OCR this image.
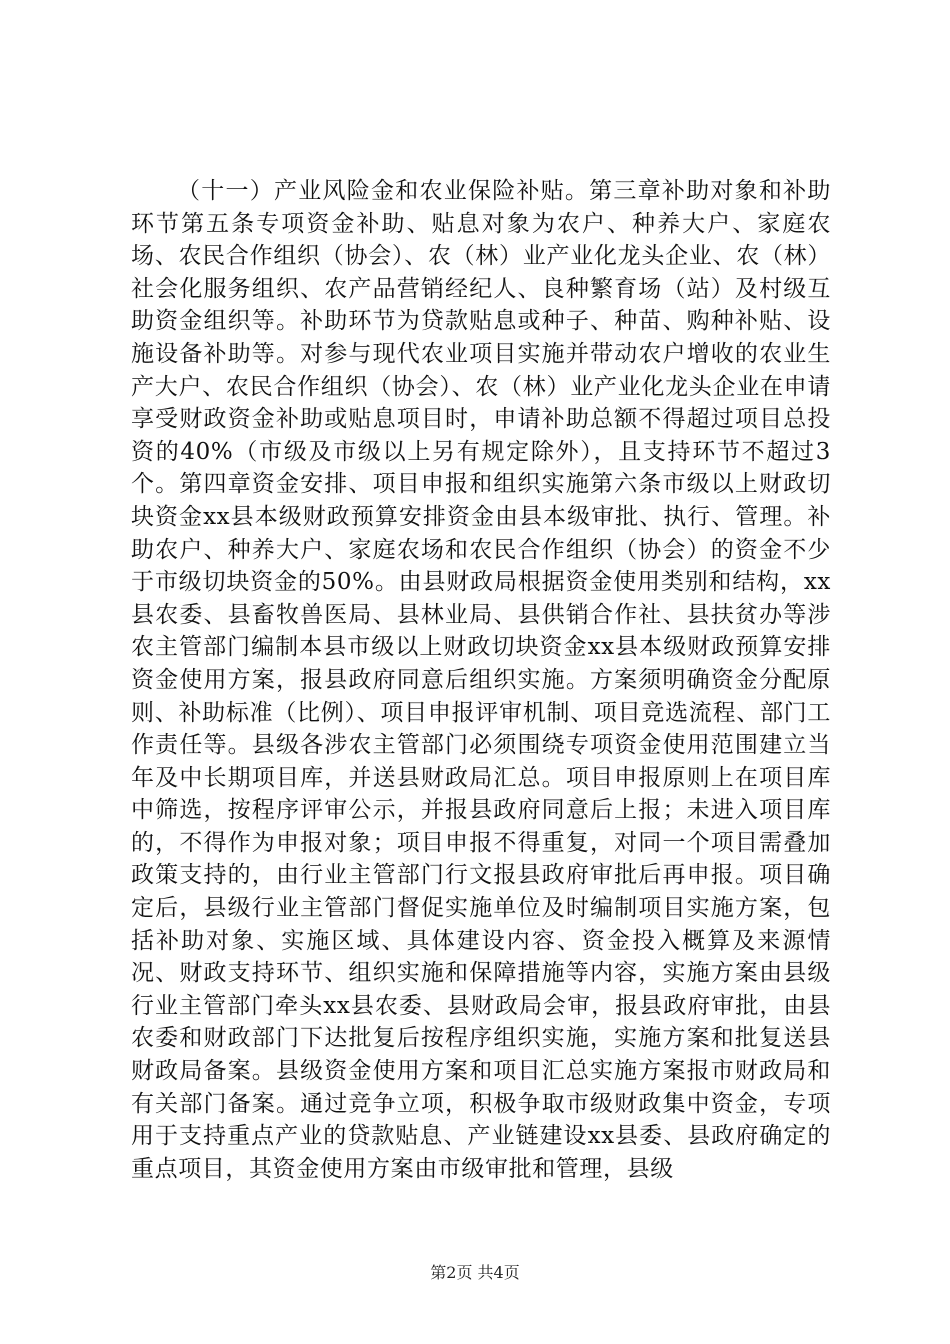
（十一）产业风险金和农业保险补贴。第三章补助对象和补助环节第五条专项资金补助、贴息对象为农户、种养大户、家庭农场、农民合作组织（协会）、农（林）业产业化龙头企业、农（林）社会化服务组织、农产品营销经纪人、良种繁育场（站）及村级互助资金组织等。补助环节为贷款贴息或种子、种苗、购种补贴、设施设备补助等。对参与现代农业项目实施并带动农户增收的农业生产大户、农民合作组织（协会）、农（林）业产业化龙头企业在申请享受财政资金补助或贴息项目时，申请补助总额不得超过项目总投资的40%（市级及市级以上另有规定除外），且支持环节不超过3个。第四章资金安排、项目申报和组织实施第六条市级以上财政切块资金xx县本级财政预算安排资金由县本级审批、执行、管理。补助农户、种养大户、家庭农场和农民合作组织（协会）的资金不少于市级切块资金的50%。由县财政局根据资金使用类别和结构，xx县农委、县畜牧兽医局、县林业局、县供销合作社、县扶贫办等涉农主管部门编制本县市级以上财政切块资金xx县本级财政预算安排资金使用方案，报县政府同意后组织实施。方案须明确资金分配原则、补助标准（比例）、项目申报评审机制、项目竞选流程、部门工作责任等。县级各涉农主管部门必须围绕专项资金使用范围建立当年及中长期项目库，并送县财政局汇总。项目申报原则上在项目库中筛选，按程序评审公示，并报县政府同意后上报；未进入项目库的，不得作为申报对象；项目申报不得重复，对同一个项目需叠加政策支持的，由行业主管部门行文报县政府审批后再申报。项目确定后，县级行业主管部门督促实施单位及时编制项目实施方案，包括补助对象、实施区域、具体建设内容、资金投入概算及来源情况、财政支持环节、组织实施和保障措施等内容，实施方案由县级行业主管部门牵头xx县农委、县财政局会审，报县政府审批，由县农委和财政部门下达批复后按程序组织实施，实施方案和批复送县财政局备案。县级资金使用方案和项目汇总实施方案报市财政局和有关部门备案。通过竞争立项，积极争取市级财政集中资金，专项用于支持重点产业的贷款贴息、产业链建设xx县委、县政府确定的重点项目，其资金使用方案由市级审批和管理，县级

第2页 共4页
